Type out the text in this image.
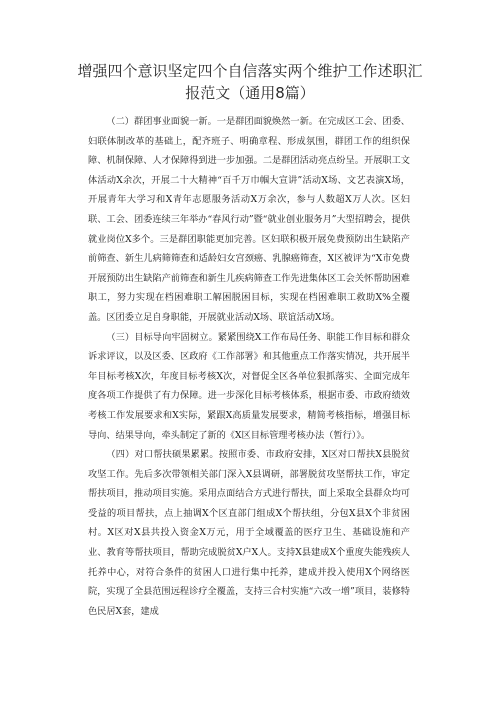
增强四个意识坚定四个自信落实两个维护工作述职汇
报范文（通用8篇）

（二）群团事业面貌一新。一是群团面貌焕然一新。在完成区工会、团委、妇联体制改革的基础上，配齐班子、明确章程、形成氛围，群团工作的组织保障、机制保障、人才保障得到进一步加强。二是群团活动亮点纷呈。开展职工文体活动X余次，开展二十大精神“百千万巾帼大宣讲”活动X场、文艺表演X场，开展青年大学习和X青年志愿服务活动X万余次，参与人数超X万人次。区妇联、工会、团委连续三年举办“春风行动”暨“就业创业服务月”大型招聘会，提供就业岗位X多个。三是群团职能更加完善。区妇联积极开展免费预防出生缺陷产前筛查、新生儿病筛筛查和适龄妇女宫颈癌、乳腺癌筛查，X区被评为“X市免费开展预防出生缺陷产前筛查和新生儿疾病筛查工作先进集体区工会关怀帮助困难职工，努力实现在档困难职工解困脱困目标，实现在档困难职工救助X%全覆盖。区团委立足自身职能，开展就业活动X场、联谊活动X场。

（三）目标导向牢固树立。紧紧围绕X工作布局任务、职能工作目标和群众诉求评议，以及区委、区政府《工作部署》和其他重点工作落实情况，共开展半年目标考核X次，年度目标考核X次，对督促全区各单位狠抓落实、全面完成年度各项工作提供了有力保障。进一步深化目标考核体系，根据市委、市政府绩效考核工作发展要求和X实际，紧跟X高质量发展要求，精简考核指标，增强目标导向、结果导向，牵头制定了新的《X区目标管理考核办法（暂行）》。

（四）对口帮扶硕果累累。按照市委、市政府安排，X区对口帮扶X县脱贫攻坚工作。先后多次带领相关部门深入X县调研，部署脱贫攻坚帮扶工作，审定帮扶项目，推动项目实施。采用点面结合方式进行帮扶，面上采取全县群众均可受益的项目帮扶，点上抽调X个区直部门组成X个帮扶组，分包X县X个非贫困村。X区对X县共投入资金X万元，用于全域覆盖的医疗卫生、基础设施和产业、教育等帮扶项目，帮助完成脱贫X户X人。支持X县建成X个重度失能残疾人托养中心，对符合条件的贫困人口进行集中托养，建成并投入使用X个网络医院，实现了全县范围远程诊疗全覆盖，支持三合村实施“六改一增”项目，装修特色民居X套，建成
